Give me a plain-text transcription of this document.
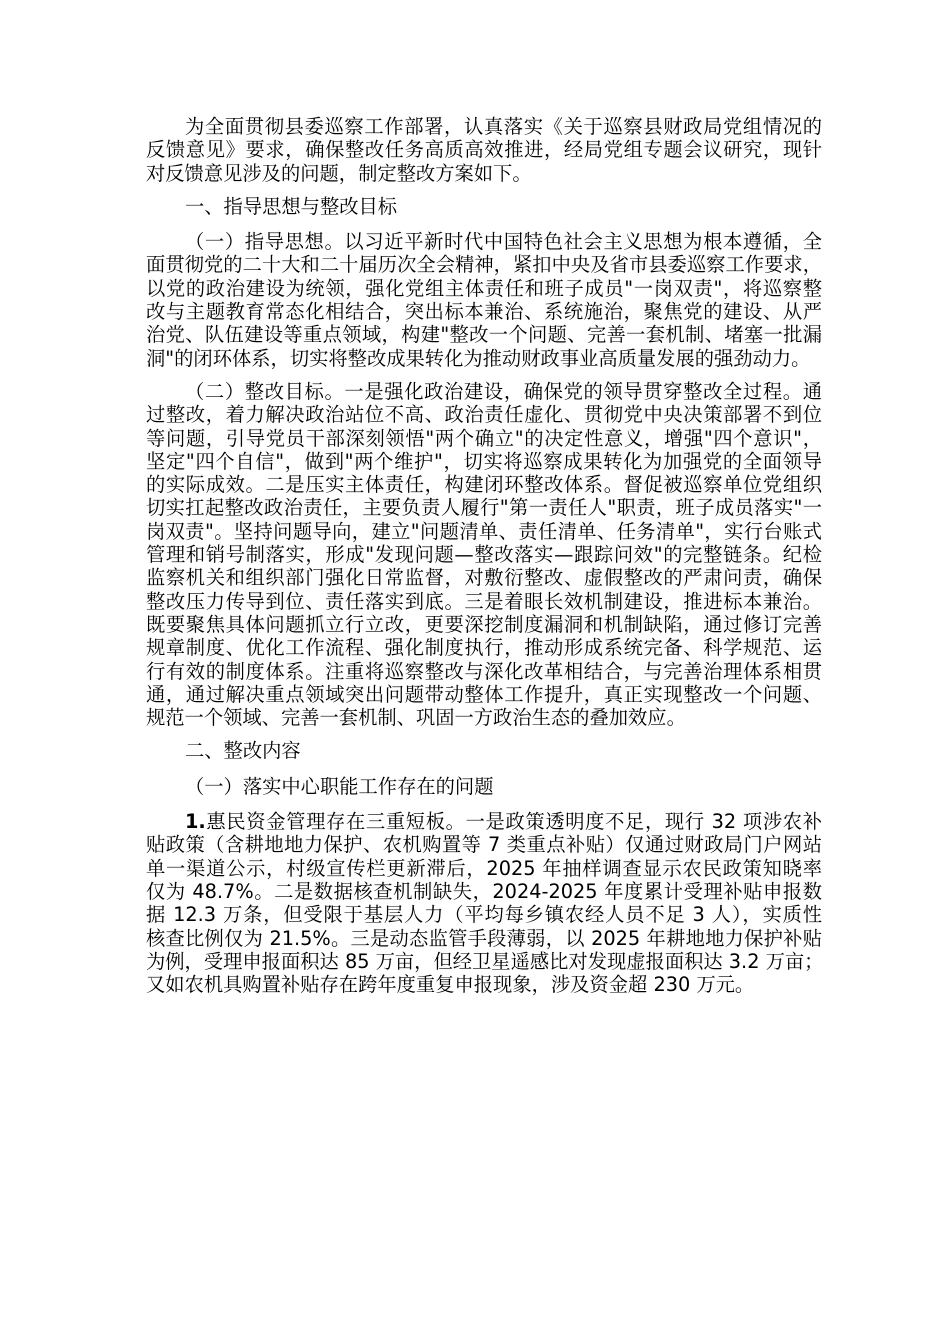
为全面贯彻县委巡察工作部署，认真落实《关于巡察县财政局党组情况的
反馈意见》要求，确保整改任务高质高效推进，经局党组专题会议研究，现针
对反馈意见涉及的问题，制定整改方案如下。
一、指导思想与整改目标
（一）指导思想。以习近平新时代中国特色社会主义思想为根本遵循，全
面贯彻党的二十大和二十届历次全会精神，紧扣中央及省市县委巡察工作要求，
以党的政治建设为统领，强化党组主体责任和班子成员"一岗双责"，将巡察整
改与主题教育常态化相结合，突出标本兼治、系统施治，聚焦党的建设、从严
治党、队伍建设等重点领域，构建"整改一个问题、完善一套机制、堵塞一批漏
洞"的闭环体系，切实将整改成果转化为推动财政事业高质量发展的强劲动力。
（二）整改目标。一是强化政治建设，确保党的领导贯穿整改全过程。通
过整改，着力解决政治站位不高、政治责任虚化、贯彻党中央决策部署不到位
等问题，引导党员干部深刻领悟"两个确立"的决定性意义，增强"四个意识"，
坚定"四个自信"，做到"两个维护"，切实将巡察成果转化为加强党的全面领导
的实际成效。二是压实主体责任，构建闭环整改体系。督促被巡察单位党组织
切实扛起整改政治责任，主要负责人履行"第一责任人"职责，班子成员落实"一
岗双责"。坚持问题导向，建立"问题清单、责任清单、任务清单"，实行台账式
管理和销号制落实，形成"发现问题—整改落实—跟踪问效"的完整链条。纪检
监察机关和组织部门强化日常监督，对敷衍整改、虚假整改的严肃问责，确保
整改压力传导到位、责任落实到底。三是着眼长效机制建设，推进标本兼治。
既要聚焦具体问题抓立行立改，更要深挖制度漏洞和机制缺陷，通过修订完善
规章制度、优化工作流程、强化制度执行，推动形成系统完备、科学规范、运
行有效的制度体系。注重将巡察整改与深化改革相结合，与完善治理体系相贯
通，通过解决重点领域突出问题带动整体工作提升，真正实现整改一个问题、
规范一个领域、完善一套机制、巩固一方政治生态的叠加效应。
二、整改内容
（一）落实中心职能工作存在的问题
1.惠民资金管理存在三重短板。一是政策透明度不足，现行 32 项涉农补
贴政策（含耕地地力保护、农机购置等 7 类重点补贴）仅通过财政局门户网站
单一渠道公示，村级宣传栏更新滞后，2025 年抽样调查显示农民政策知晓率
仅为 48.7%。二是数据核查机制缺失，2024-2025 年度累计受理补贴申报数
据 12.3 万条，但受限于基层人力（平均每乡镇农经人员不足 3 人），实质性
核查比例仅为 21.5%。三是动态监管手段薄弱，以 2025 年耕地地力保护补贴
为例，受理申报面积达 85 万亩，但经卫星遥感比对发现虚报面积达 3.2 万亩；
又如农机具购置补贴存在跨年度重复申报现象，涉及资金超 230 万元。
